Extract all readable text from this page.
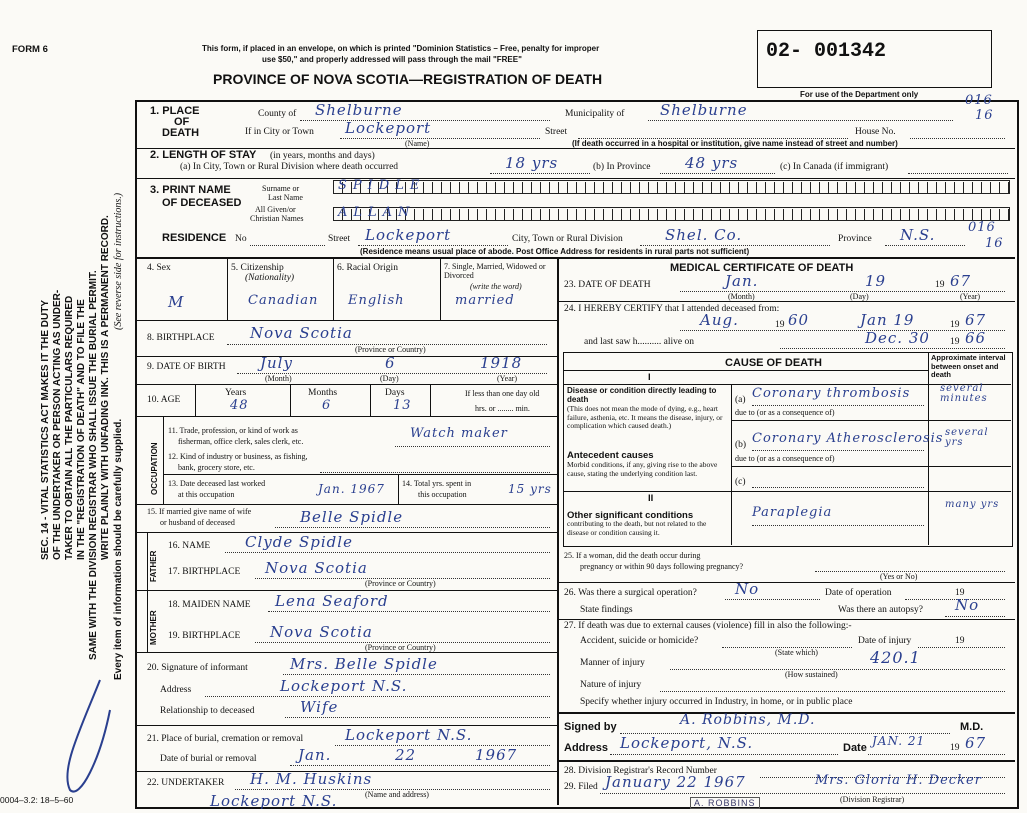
FORM 6
SEC. 14 - VITAL STATISTICS ACT MAKES IT THE DUTY OF THE UNDERTAKER OR PERSON ACTING AS UNDER- TAKER TO OBTAIN ALL THE PARTICULARS REQUIRED IN THE "REGISTRATION OF DEATH" AND TO FILE THE SAME WITH THE DIVISION REGISTRAR WHO SHALL ISSUE THE BURIAL PERMIT. WRITE PLAINLY WITH UNFADING INK. THIS IS A PERMANENT RECORD. (See reverse side for instructions.)
Every item of information should be carefully supplied.
0004–3.2: 18–5–60
This form, if placed in an envelope, on which is printed "Dominion Statistics – Free, penalty for improper
use $50," and properly addressed will pass through the mail "FREE"
PROVINCE OF NOVA SCOTIA—REGISTRATION OF DEATH
02- 001342
For use of the Department only
1. PLACE
OF
DEATH
County of Shelburne	Municipality of Shelburne
016
16
If in City or Town Lockeport
(Name)
Street	House No.
(If death occurred in a hospital or institution, give name instead of street and number)
2. LENGTH OF STAY (in years, months and days)
(a) In City, Town or Rural Division where death occurred	18 yrs	(b) In Province 48 yrs	(c) In Canada (if immigrant)
3. PRINT NAME
OF DECEASED
Surname or
Last Name
All Given/or
Christian Names
SPIDLE
ALLAN
RESIDENCE No	Street Lockeport	City, Town or Rural Division	Shel. Co.	Province N.S.	016
16
(Residence means usual place of abode. Post Office Address for residents in rural parts not sufficient)
4. Sex	5. Citizenship
(Nationality)
6. Racial Origin	7. Single, Married, Widowed or Divorced
(write the word)
M	Canadian English	married
8. BIRTHPLACE Nova Scotia
(Province or Country)
9. DATE OF BIRTH July	6	1918
(Month)	(Day)	(Year)
10. AGE
Years	Months	Days	If less than one day old
hrs. or ........ min.
48	6	13
OCCUPATION
11. Trade, profession, or kind of work as
fisherman, office clerk, sales clerk, etc.
Watch maker
12. Kind of industry or business, as fishing,
bank, grocery store, etc.
13. Date deceased last worked
at this occupation	Jan. 1967 14. Total yrs. spent in
this occupation	15 yrs
15. If married give name of wife
or husband of deceased	Belle Spidle
FATHER
16. NAME Clyde Spidle
17. BIRTHPLACE Nova Scotia
(Province or Country)
MOTHER
18. MAIDEN NAME Lena Seaford
19. BIRTHPLACE Nova Scotia
(Province or Country)
20. Signature of informant	Mrs. Belle Spidle
Address	Lockeport N.S.
Relationship to deceased	Wife
21. Place of burial, cremation or removal	Lockeport N.S.
Date of burial or removal	Jan.	22	1967
22. UNDERTAKER H. M. Huskins
(Name and address)
Lockeport N.S.
MEDICAL CERTIFICATE OF DEATH
23. DATE OF DEATH	Jan.	19	19 67
(Month)	(Day)	(Year)
24. I HEREBY CERTIFY that I attended deceased from:
Aug.	19 60	Jan 19	19 67
and last saw h.......... alive on	Dec. 30 19 66
CAUSE OF DEATH	Approximate interval between onset and death
I
Disease or condition directly leading to death
(This does not mean the mode of dying, e.g., heart failure, asthenia, etc. It means the disease, injury, or complication which caused death.)
(a) Coronary thrombosis	several minutes
due to (or as a consequence of)
(b) Coronary Atherosclerosis several yrs
due to (or as a consequence of)
Antecedent causes
Morbid conditions, if any, giving rise to the above cause, stating the underlying condition last.
(c)
II
Other significant conditions
contributing to the death, but not related to the disease or condition causing it.
Paraplegia
many yrs
25. If a woman, did the death occur during
pregnancy or within 90 days following pregnancy?
(Yes or No)
26. Was there a surgical operation?	No	Date of operation	19
State findings	Was there an autopsy? No
27. If death was due to external causes (violence) fill in also the following:-
Accident, suicide or homicide?	Date of injury	19
(State which)
Manner of injury	420.1
(How sustained)
Nature of injury
Specify whether injury occurred in Industry, in home, or in public place
Signed by	A. Robbins, M.D.	M.D.
Address Lockeport, N.S.	Date JAN. 21	19 67
28. Division Registrar's Record Number
29. Filed January 22 1967	Mrs. Gloria H. Decker
(Division Registrar)
A. ROBBINS
